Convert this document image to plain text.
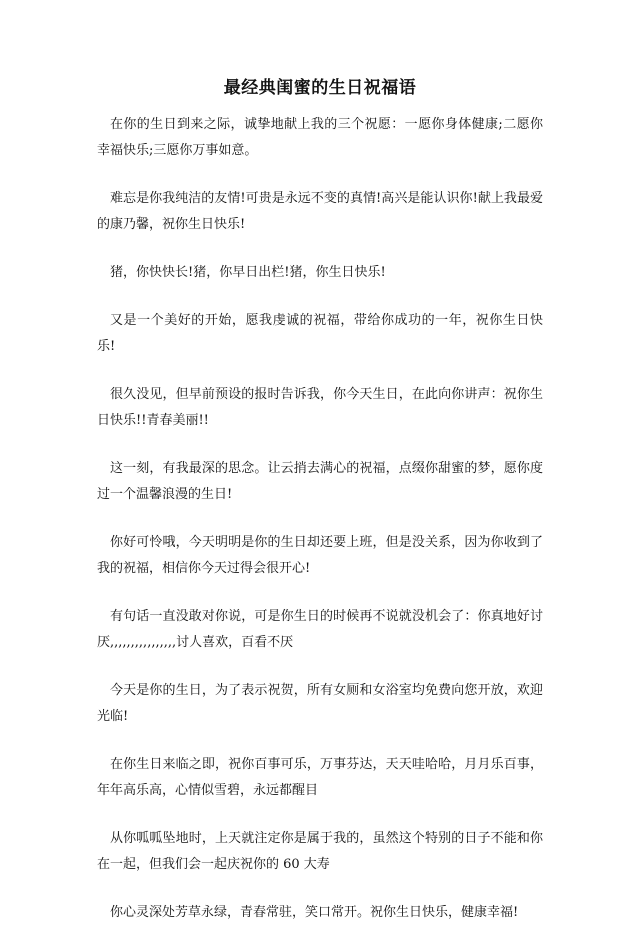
最经典闺蜜的生日祝福语

在你的生日到来之际，诚挚地献上我的三个祝愿：一愿你身体健康;二愿你幸福快乐;三愿你万事如意。

难忘是你我纯洁的友情!可贵是永远不变的真情!高兴是能认识你!献上我最爱的康乃馨，祝你生日快乐!

猪，你快快长!猪，你早日出栏!猪，你生日快乐!

又是一个美好的开始，愿我虔诚的祝福，带给你成功的一年，祝你生日快乐!

很久没见，但早前预设的报时告诉我，你今天生日，在此向你讲声：祝你生日快乐!!青春美丽!!

这一刻，有我最深的思念。让云捎去满心的祝福，点缀你甜蜜的梦，愿你度过一个温馨浪漫的生日!

你好可怜哦，今天明明是你的生日却还要上班，但是没关系，因为你收到了我的祝福，相信你今天过得会很开心!

有句话一直没敢对你说，可是你生日的时候再不说就没机会了：你真地好讨厌,,,,,,,,,,,,,,,,讨人喜欢，百看不厌

今天是你的生日，为了表示祝贺，所有女厕和女浴室均免费向您开放，欢迎光临!

在你生日来临之即，祝你百事可乐，万事芬达，天天哇哈哈，月月乐百事，年年高乐高，心情似雪碧，永远都醒目

从你呱呱坠地时，上天就注定你是属于我的，虽然这个特别的日子不能和你在一起，但我们会一起庆祝你的 60 大寿

你心灵深处芳草永绿，青春常驻，笑口常开。祝你生日快乐，健康幸福!
